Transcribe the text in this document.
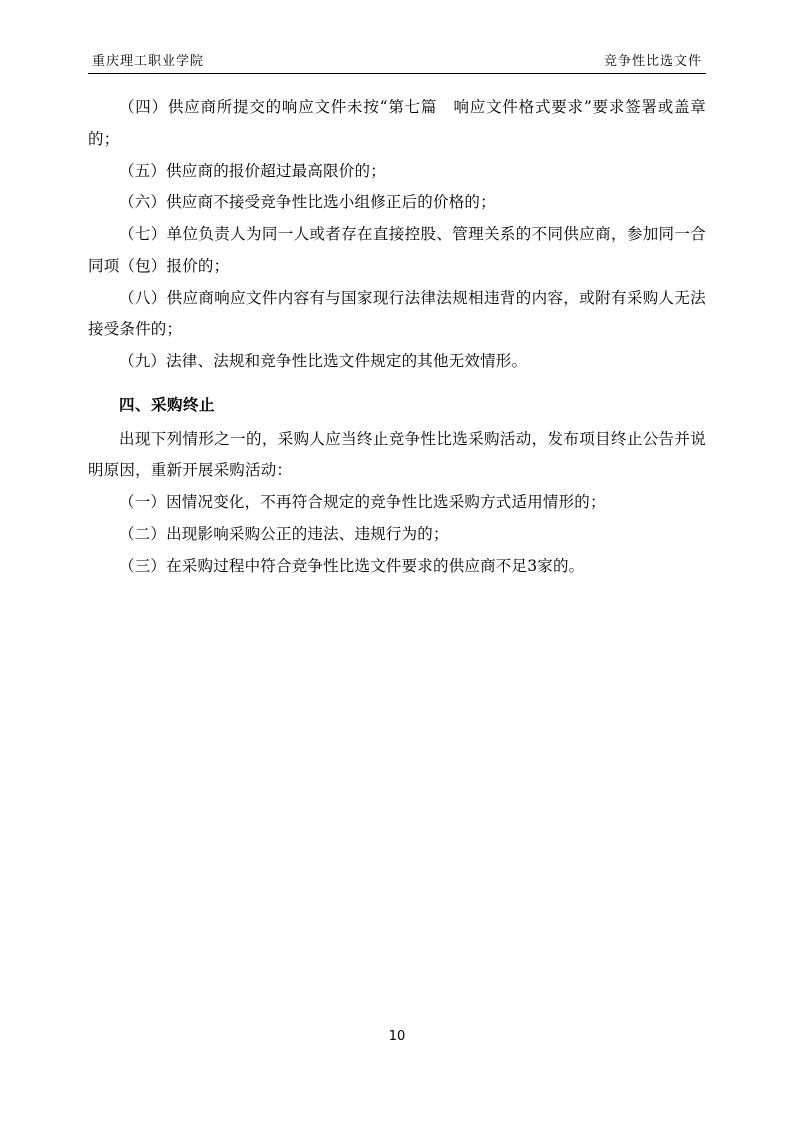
重庆理工职业学院	竞争性比选文件

（四）供应商所提交的响应文件未按“第七篇　响应文件格式要求”要求签署或盖章的；

（五）供应商的报价超过最高限价的；

（六）供应商不接受竞争性比选小组修正后的价格的；

（七）单位负责人为同一人或者存在直接控股、管理关系的不同供应商，参加同一合同项（包）报价的；

（八）供应商响应文件内容有与国家现行法律法规相违背的内容，或附有采购人无法接受条件的；

（九）法律、法规和竞争性比选文件规定的其他无效情形。

四、采购终止

出现下列情形之一的，采购人应当终止竞争性比选采购活动，发布项目终止公告并说明原因，重新开展采购活动：

（一）因情况变化，不再符合规定的竞争性比选采购方式适用情形的；

（二）出现影响采购公正的违法、违规行为的；

（三）在采购过程中符合竞争性比选文件要求的供应商不足3家的。

10
